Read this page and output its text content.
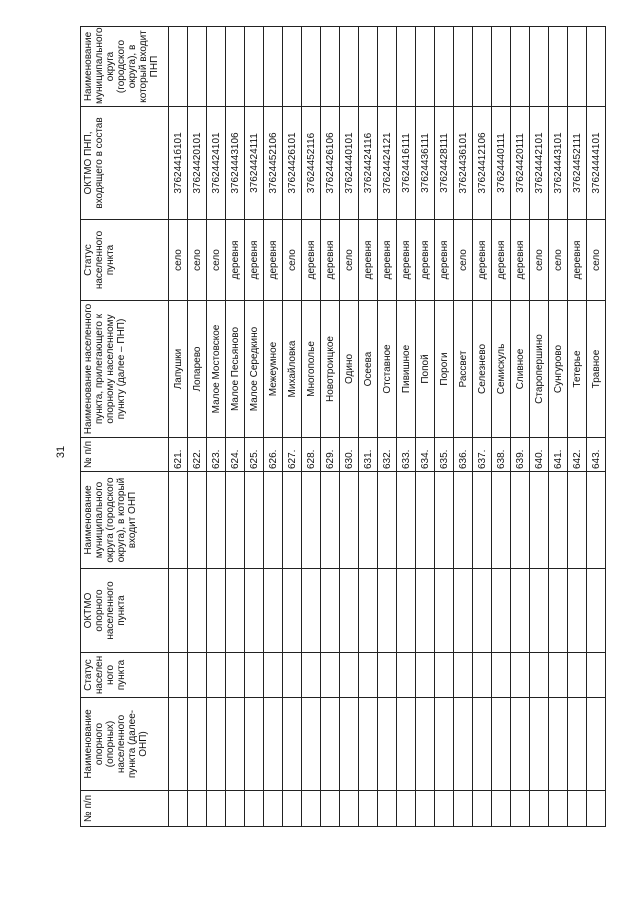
31
№ п/п	Наименование опорного (опорных) населенного пункта (далее-ОНП)	Статус населен ного пункта	ОКТМО опорного населенного пункта	Наименование муниципального округа (городского округа), в который входит ОНП	№ п/п	Наименование населенного пункта, прилегающего к опорному населенному пункту (далее – ПНП)	Статус населенного пункта	ОКТМО ПНП, входящего в состав	Наименование муниципального округа (городского округа), в который входит ПНП
					621.	Лапушки	село	3762441б101	
					622.	Лопарево	село	37624420101	
					623.	Малое Мостовское	село	37624424101	
					624.	Малое Песьяново	деревня	37624443106	
					625.	Малое Середкино	деревня	37624424111	
					626.	Межеумное	деревня	37624452106	
					627.	Михайловка	село	37624426101	
					628.	Многополье	деревня	37624452116	
					629.	Новотроицкое	деревня	37624426106	
					630.	Одино	село	37624440101	
					631.	Осеева	деревня	37624424116	
					632.	Отставное	деревня	37624424121	
					633.	Пивишное	деревня	37624416111	
					634.	Попой	деревня	37624436111	
					635.	Пороги	деревня	37624428111	
					636.	Рассвет	село	37624436101	
					637.	Селезнево	деревня	37624412106	
					638.	Семискуль	деревня	37624440111	
					639.	Сливное	деревня	37624420111	
					640.	Старопершино	село	37624442101	
					641.	Сунгурово	село	37624443101	
					642.	Тетерье	деревня	37624452111	
					643.	Травное	село	37624444101	
